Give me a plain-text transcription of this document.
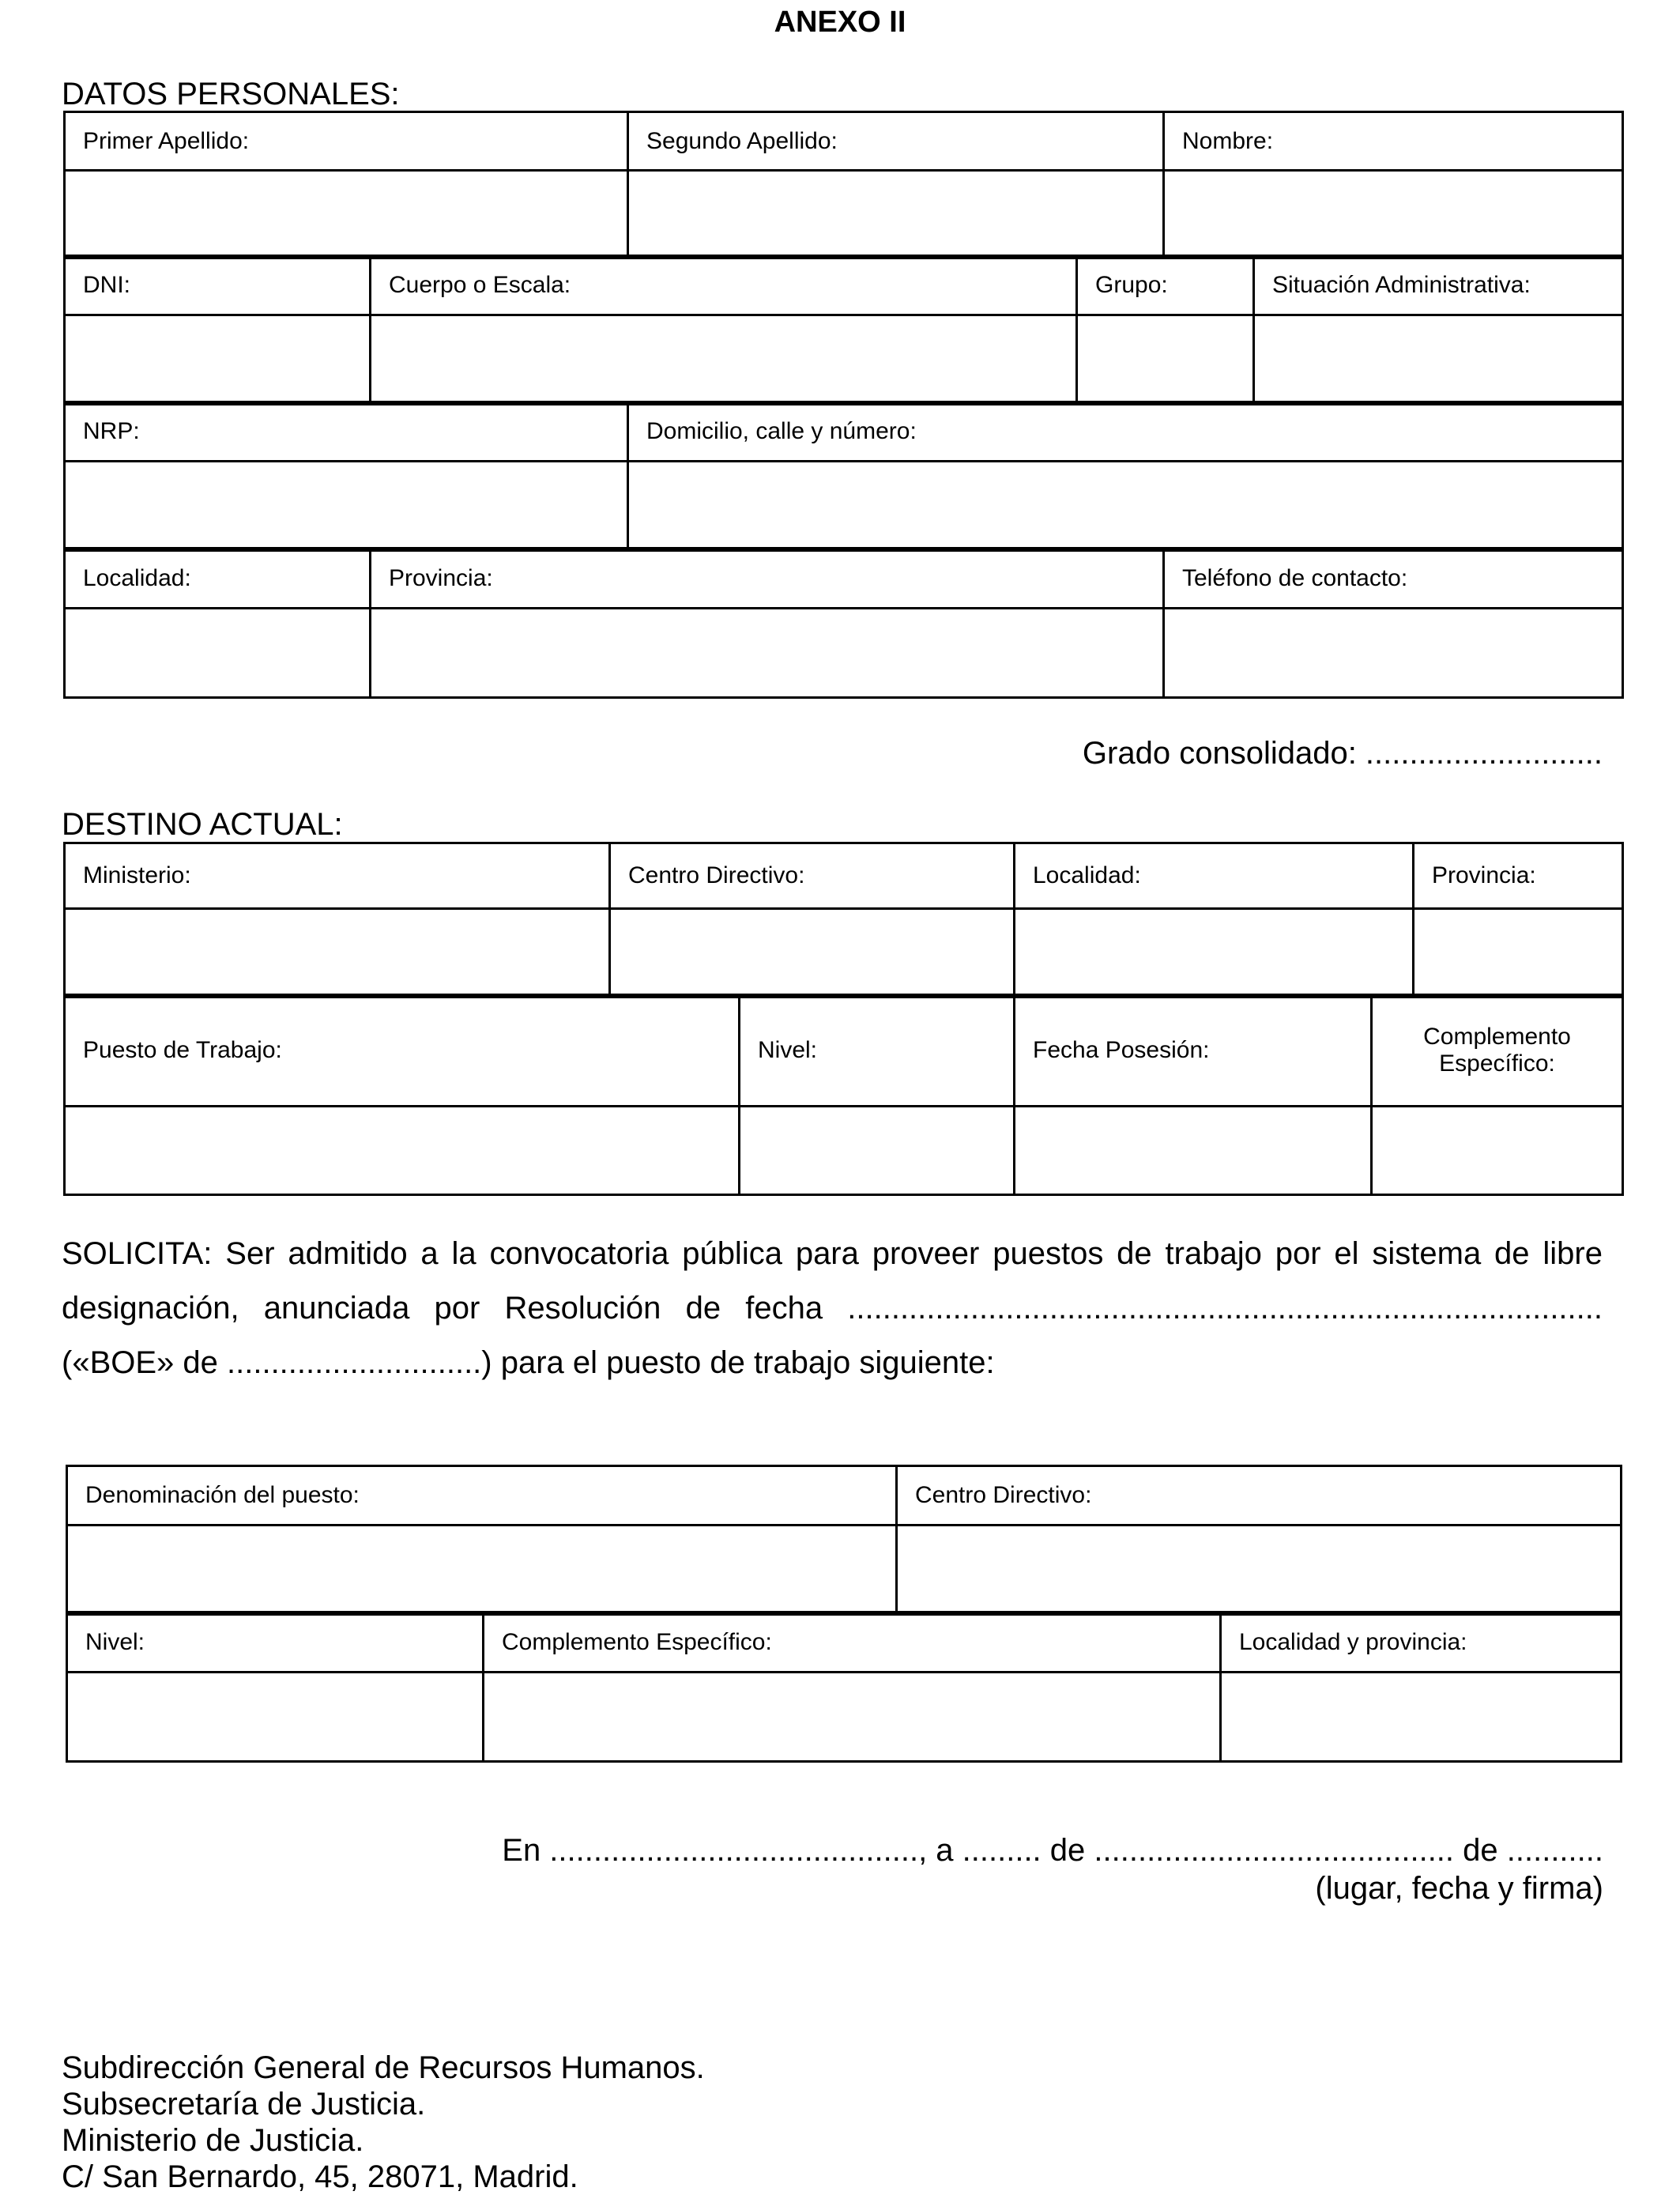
ANEXO II
DATOS PERSONALES:
Primer Apellido:	Segundo Apellido:	Nombre:

DNI:	Cuerpo o Escala:	Grupo:	Situación Administrativa:

NRP:	Domicilio, calle y número:

Localidad:	Provincia:	Teléfono de contacto:

Grado consolidado: ...........................
DESTINO ACTUAL:
Ministerio:	Centro Directivo:	Localidad:	Provincia:

Puesto de Trabajo:	Nivel:	Fecha Posesión:	Complemento
Específico:

SOLICITA: Ser admitido a la convocatoria pública para proveer puestos de trabajo por el sistema de libre designación, anunciada por Resolución de fecha ...................................................................................... («BOE» de .............................) para el puesto de trabajo siguiente:
Denominación del puesto:	Centro Directivo:

Nivel:	Complemento Específico:	Localidad y provincia:

En .........................................., a ......... de ......................................... de ...........
(lugar, fecha y firma)
Subdirección General de Recursos Humanos.
Subsecretaría de Justicia.
Ministerio de Justicia.
C/ San Bernardo, 45, 28071, Madrid.
